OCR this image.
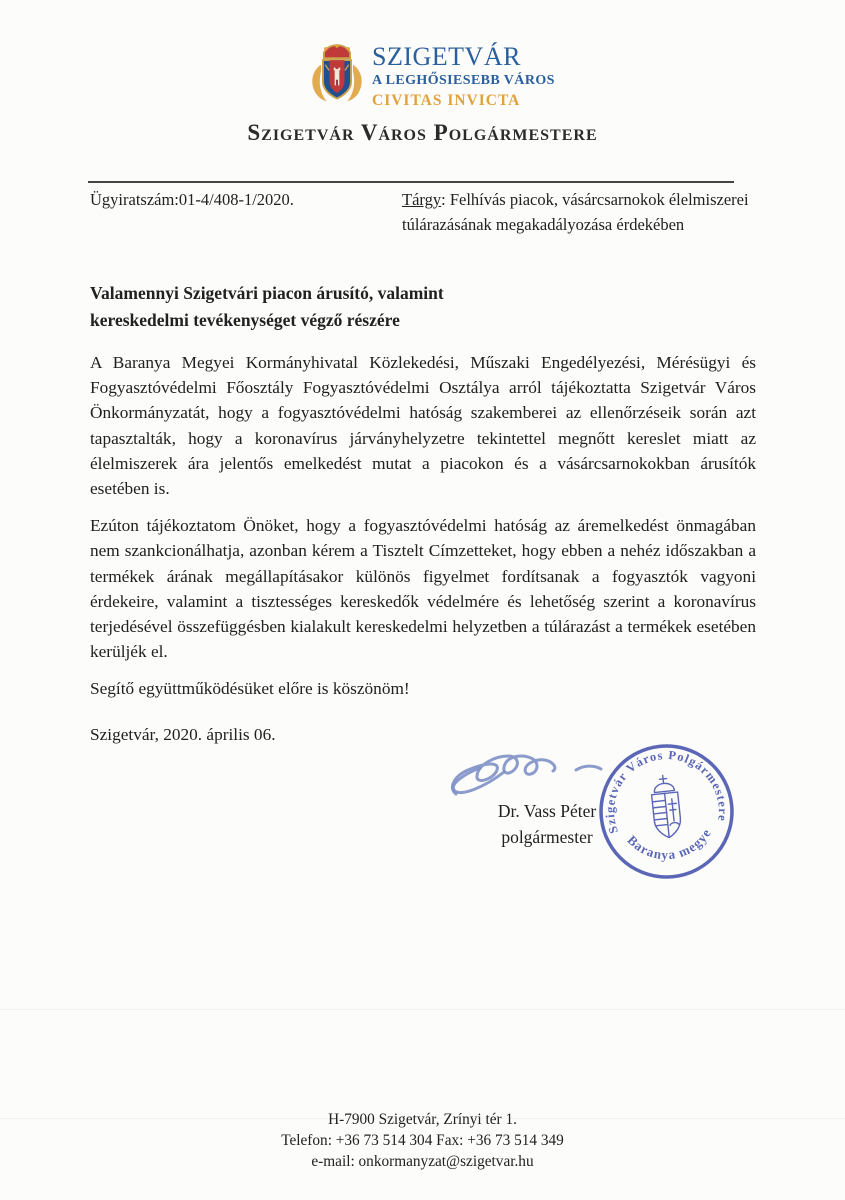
SZIGETVÁR
A LEGHŐSIESEBB VÁROS
CIVITAS INVICTA
Szigetvár Város Polgármestere
Ügyiratszám:01-4/408-1/2020.	Tárgy: Felhívás piacok, vásárcsarnokok élelmiszerei túlárazásának megakadályozása érdekében
Valamennyi Szigetvári piacon árusító, valamint
kereskedelmi tevékenységet végző részére

A Baranya Megyei Kormányhivatal Közlekedési, Műszaki Engedélyezési, Mérésügyi és Fogyasztóvédelmi Főosztály Fogyasztóvédelmi Osztálya arról tájékoztatta Szigetvár Város Önkormányzatát, hogy a fogyasztóvédelmi hatóság szakemberei az ellenőrzéseik során azt tapasztalták, hogy a koronavírus járványhelyzetre tekintettel megnőtt kereslet miatt az élelmiszerek ára jelentős emelkedést mutat a piacokon és a vásárcsarnokokban árusítók esetében is.

Ezúton tájékoztatom Önöket, hogy a fogyasztóvédelmi hatóság az áremelkedést önmagában nem szankcionálhatja, azonban kérem a Tisztelt Címzetteket, hogy ebben a nehéz időszakban a termékek árának megállapításakor különös figyelmet fordítsanak a fogyasztók vagyoni érdekeire, valamint a tisztességes kereskedők védelmére és lehetőség szerint a koronavírus terjedésével összefüggésben kialakult kereskedelmi helyzetben a túlárazást a termékek esetében kerüljék el.

Segítő együttműködésüket előre is köszönöm!

Szigetvár, 2020. április 06.

Dr. Vass Péter
polgármester	Szigetvár Város Polgármestere
Baranya megye
H-7900 Szigetvár, Zrínyi tér 1.
Telefon: +36 73 514 304 Fax: +36 73 514 349
e-mail: onkormanyzat@szigetvar.hu
